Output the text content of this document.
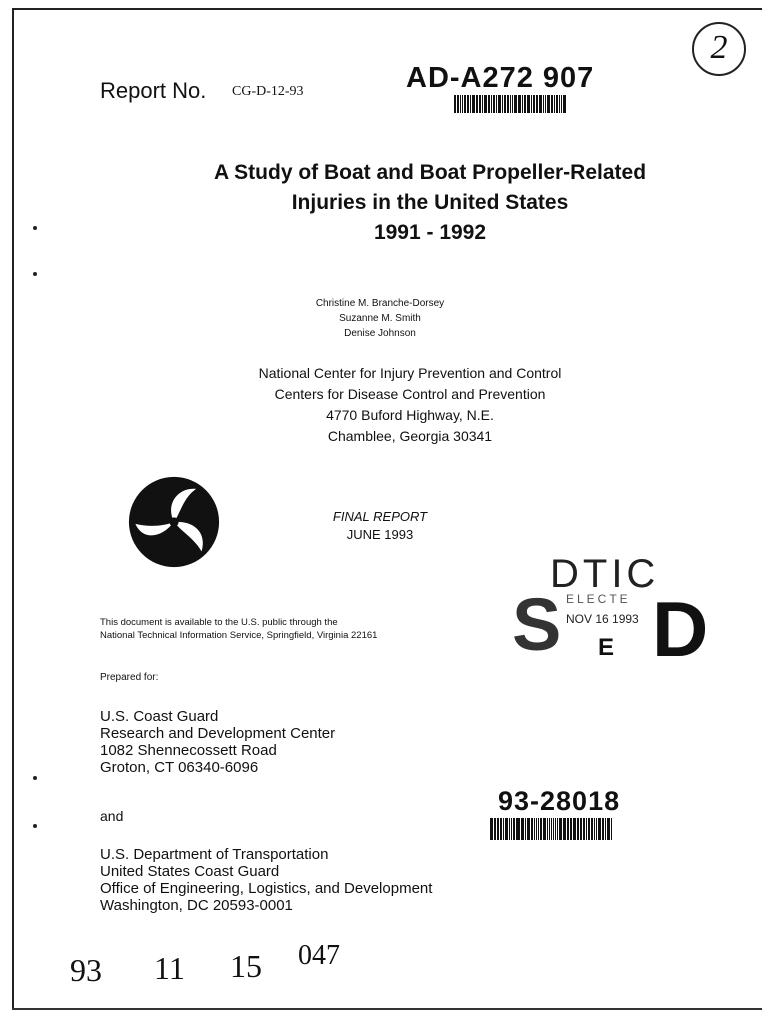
Report No. CG-D-12-93	AD-A272 907
2
A Study of Boat and Boat Propeller-Related
Injuries in the United States
1991 - 1992
Christine M. Branche-Dorsey
Suzanne M. Smith
Denise Johnson
National Center for Injury Prevention and Control
Centers for Disease Control and Prevention
4770 Buford Highway, N.E.
Chamblee, Georgia 30341
FINAL REPORT
JUNE 1993
DTIC
S ELECTE
NOV 16 1993
E D
This document is available to the U.S. public through the
National Technical Information Service, Springfield, Virginia 22161
Prepared for:
U.S. Coast Guard
Research and Development Center
1082 Shennecossett Road
Groton, CT 06340-6096
and	93-28018
U.S. Department of Transportation
United States Coast Guard
Office of Engineering, Logistics, and Development
Washington, DC 20593-0001
93 11 15 047
